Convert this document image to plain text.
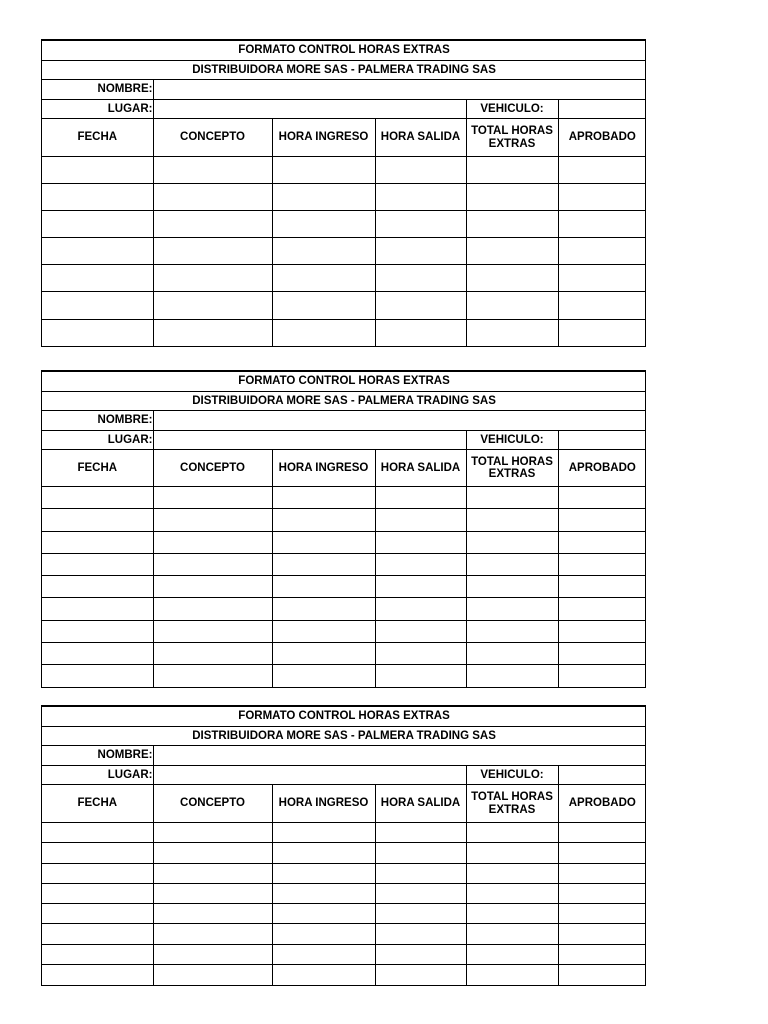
FORMATO CONTROL HORAS EXTRAS					
DISTRIBUIDORA MORE SAS - PALMERA TRADING SAS					
NOMBRE:					
LUGAR:				VEHICULO:	
FECHA	CONCEPTO	HORA INGRESO	HORA SALIDA	TOTAL HORAS EXTRAS	APROBADO

FORMATO CONTROL HORAS EXTRAS					
DISTRIBUIDORA MORE SAS - PALMERA TRADING SAS					
NOMBRE:					
LUGAR:				VEHICULO:	
FECHA	CONCEPTO	HORA INGRESO	HORA SALIDA	TOTAL HORAS EXTRAS	APROBADO

FORMATO CONTROL HORAS EXTRAS					
DISTRIBUIDORA MORE SAS - PALMERA TRADING SAS					
NOMBRE:					
LUGAR:				VEHICULO:	
FECHA	CONCEPTO	HORA INGRESO	HORA SALIDA	TOTAL HORAS EXTRAS	APROBADO
